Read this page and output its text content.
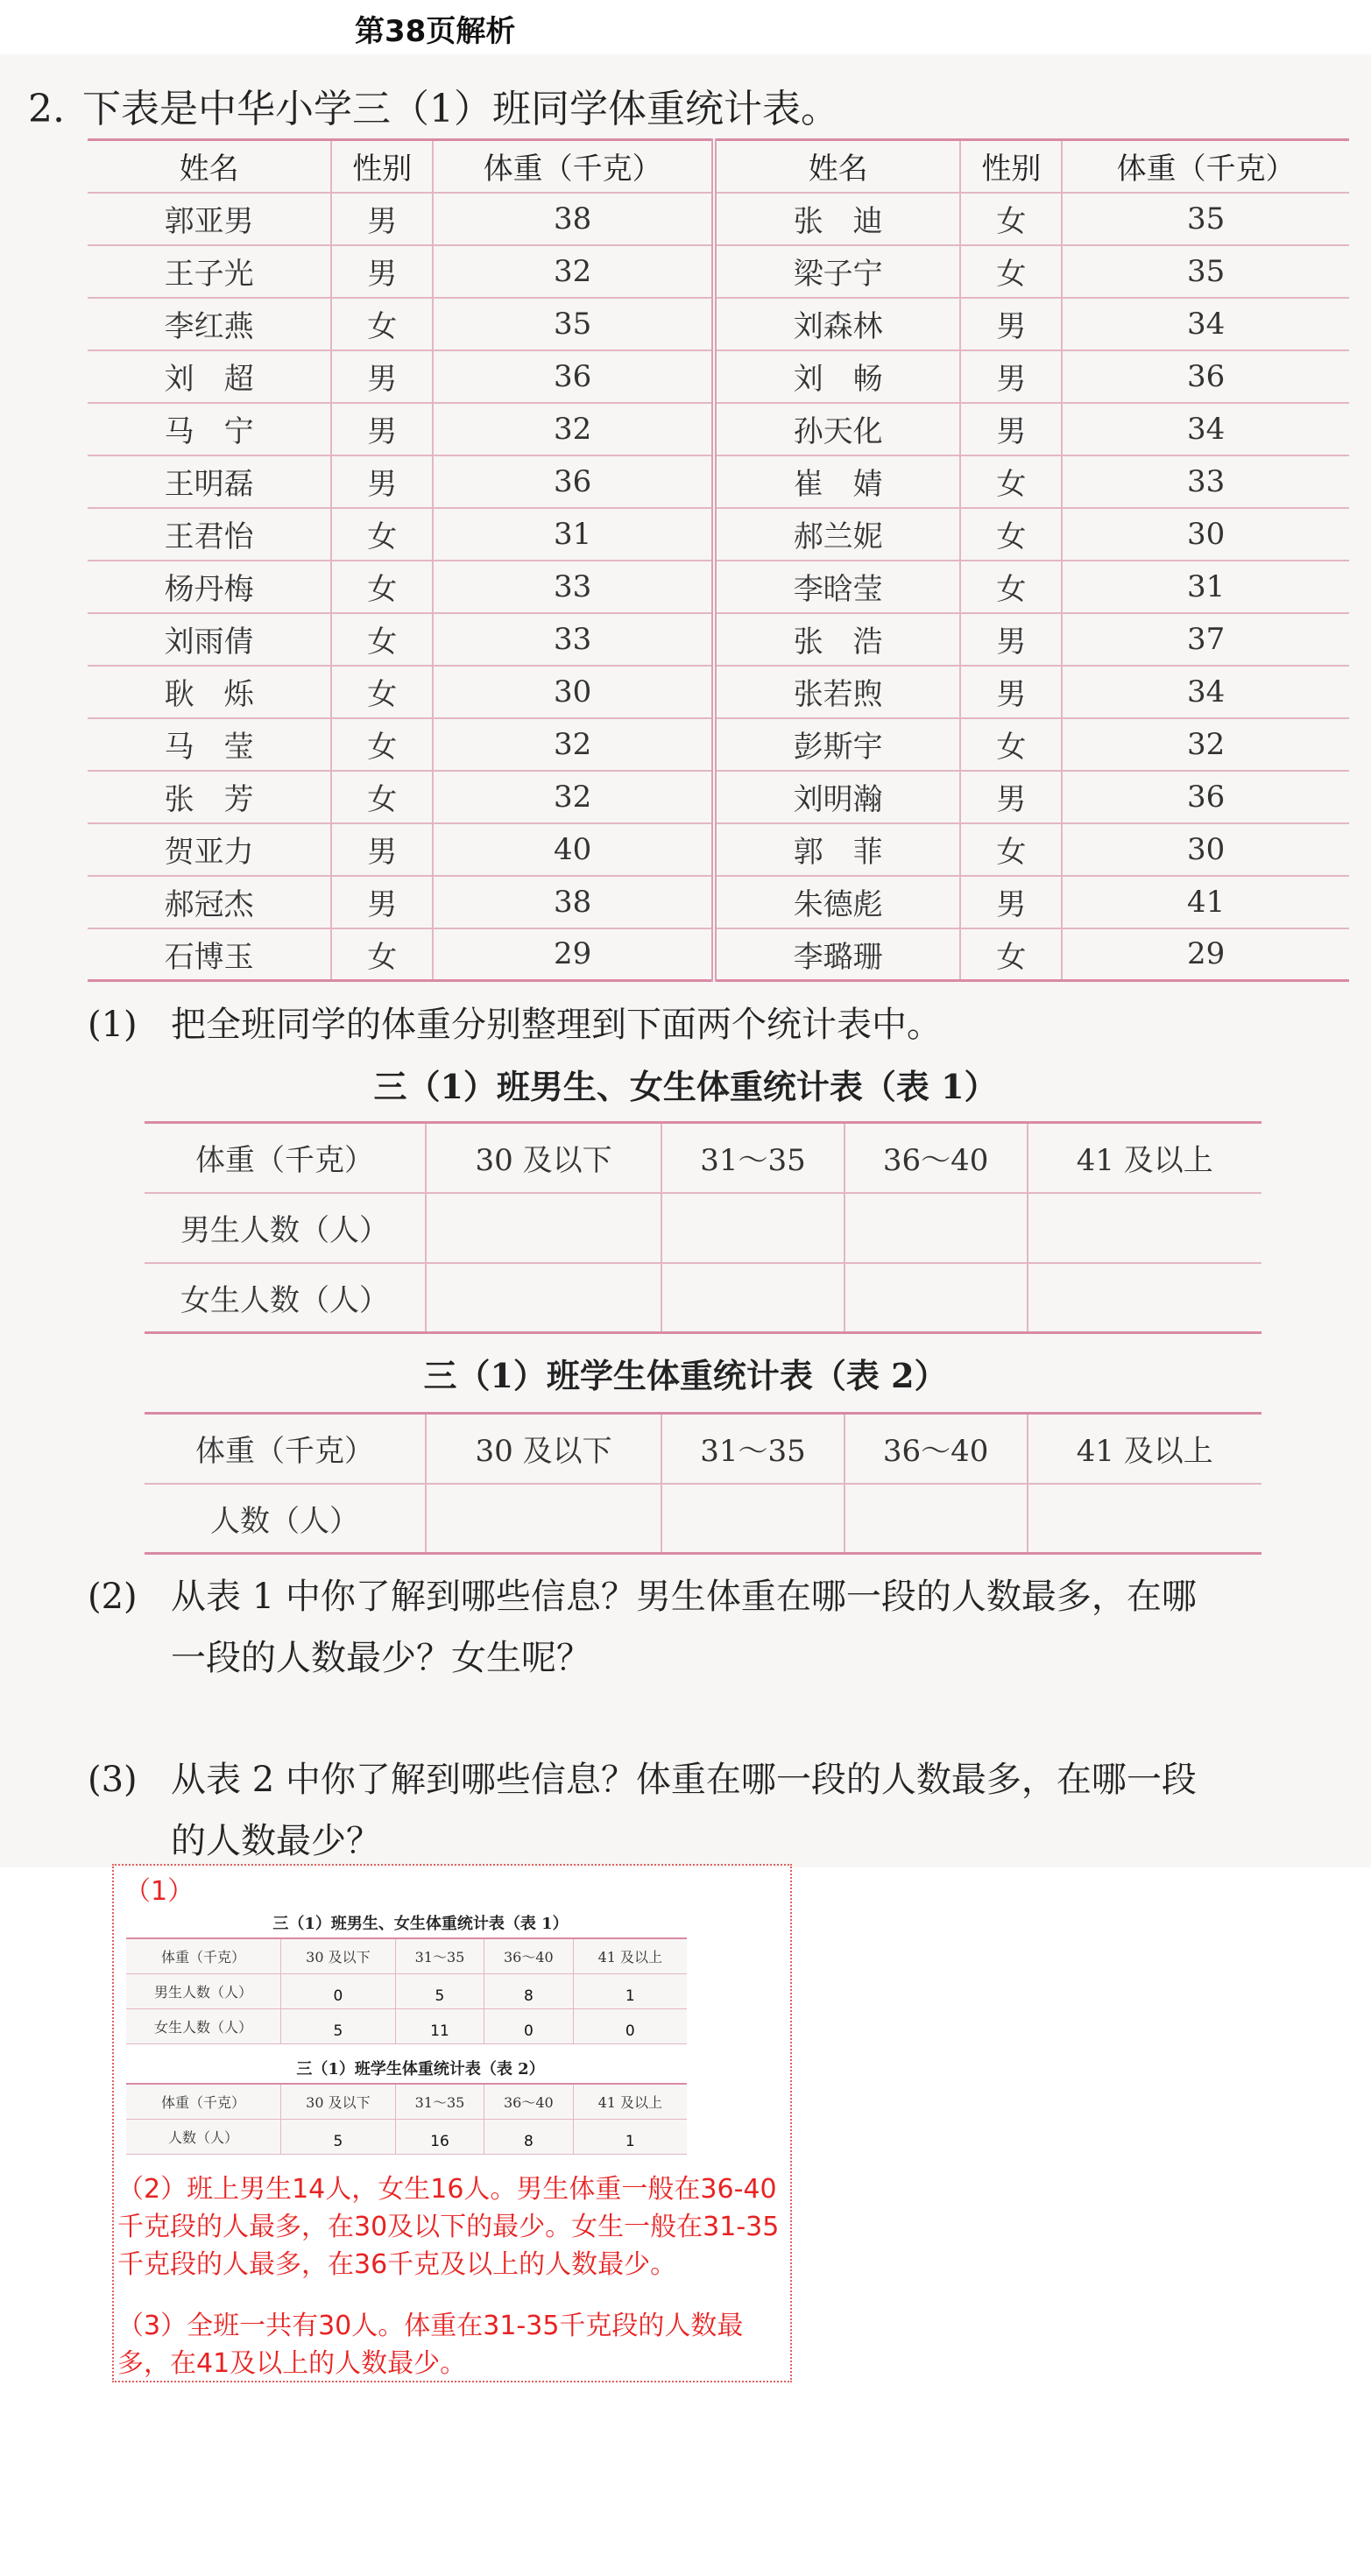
第38页解析
2. 下表是中华小学三（1）班同学体重统计表。
姓名	性别	体重（千克）	姓名	性别	体重（千克）
郭亚男	男	38	张　迪	女	35
王子光	男	32	梁子宁	女	35
李红燕	女	35	刘森林	男	34
刘　超	男	36	刘　畅	男	36
马　宁	男	32	孙天化	男	34
王明磊	男	36	崔　婧	女	33
王君怡	女	31	郝兰妮	女	30
杨丹梅	女	33	李晗莹	女	31
刘雨倩	女	33	张　浩	男	37
耿　烁	女	30	张若煦	男	34
马　莹	女	32	彭斯宇	女	32
张　芳	女	32	刘明瀚	男	36
贺亚力	男	40	郭　菲	女	30
郝冠杰	男	38	朱德彪	男	41
石博玉	女	29	李璐珊	女	29
(1) 把全班同学的体重分别整理到下面两个统计表中。
三（1）班男生、女生体重统计表（表 1）
体重（千克）	30 及以下	31～35	36～40	41 及以上
男生人数（人）				
女生人数（人）				
三（1）班学生体重统计表（表 2）
体重（千克）	30 及以下	31～35	36～40	41 及以上
人数（人）				
(2) 从表 1 中你了解到哪些信息？男生体重在哪一段的人数最多，在哪
一段的人数最少？女生呢？
(3) 从表 2 中你了解到哪些信息？体重在哪一段的人数最多，在哪一段
的人数最少？
（1）
三（1）班男生、女生体重统计表（表 1）
体重（千克）	30 及以下	31～35	36～40	41 及以上
男生人数（人）	0	5	8	1
女生人数（人）	5	11	0	0
三（1）班学生体重统计表（表 2）
体重（千克）	30 及以下	31～35	36～40	41 及以上
人数（人）	5	16	8	1

（2）班上男生14人，女生16人。男生体重一般在36-40千克段的人最多，在30及以下的最少。女生一般在31-35千克段的人最多，在36千克及以上的人数最少。

（3）全班一共有30人。体重在31-35千克段的人数最多，在41及以上的人数最少。
